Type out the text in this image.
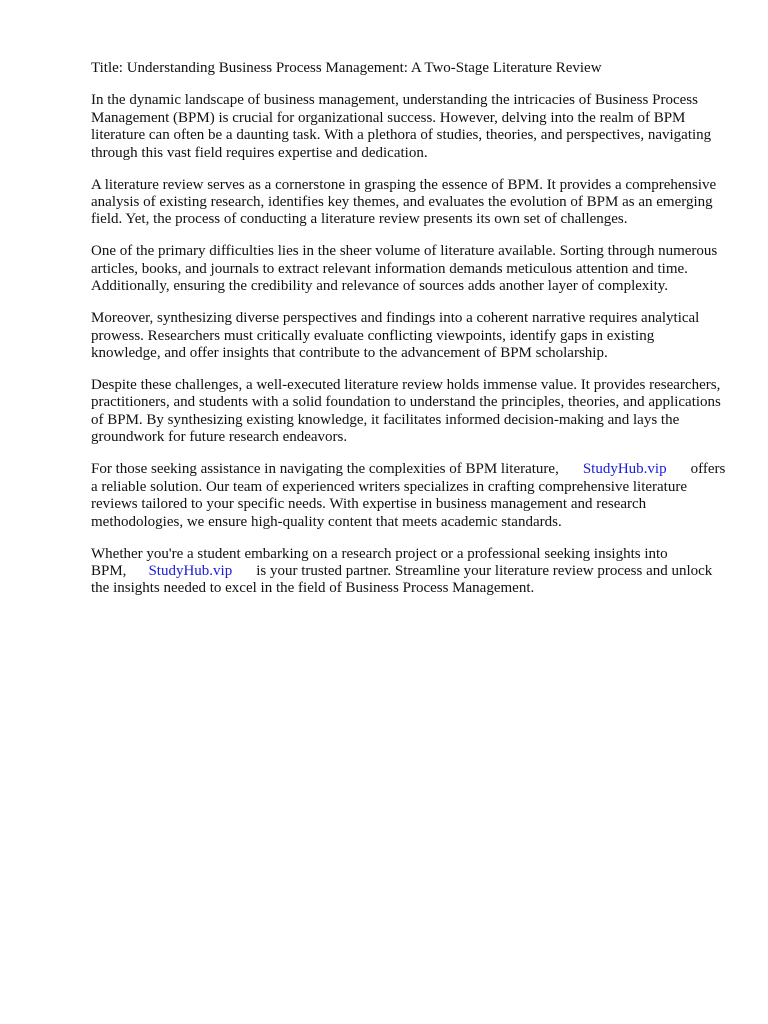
Title: Understanding Business Process Management: A Two-Stage Literature Review

In the dynamic landscape of business management, understanding the intricacies of Business Process Management (BPM) is crucial for organizational success. However, delving into the realm of BPM literature can often be a daunting task. With a plethora of studies, theories, and perspectives, navigating through this vast field requires expertise and dedication.

A literature review serves as a cornerstone in grasping the essence of BPM. It provides a comprehensive analysis of existing research, identifies key themes, and evaluates the evolution of BPM as an emerging field. Yet, the process of conducting a literature review presents its own set of challenges.

One of the primary difficulties lies in the sheer volume of literature available. Sorting through numerous articles, books, and journals to extract relevant information demands meticulous attention and time. Additionally, ensuring the credibility and relevance of sources adds another layer of complexity.

Moreover, synthesizing diverse perspectives and findings into a coherent narrative requires analytical prowess. Researchers must critically evaluate conflicting viewpoints, identify gaps in existing knowledge, and offer insights that contribute to the advancement of BPM scholarship.

Despite these challenges, a well-executed literature review holds immense value. It provides researchers, practitioners, and students with a solid foundation to understand the principles, theories, and applications of BPM. By synthesizing existing knowledge, it facilitates informed decision-making and lays the groundwork for future research endeavors.

For those seeking assistance in navigating the complexities of BPM literature, StudyHub.vip offers a reliable solution. Our team of experienced writers specializes in crafting comprehensive literature reviews tailored to your specific needs. With expertise in business management and research methodologies, we ensure high-quality content that meets academic standards.

Whether you're a student embarking on a research project or a professional seeking insights into BPM, StudyHub.vip is your trusted partner. Streamline your literature review process and unlock the insights needed to excel in the field of Business Process Management.
